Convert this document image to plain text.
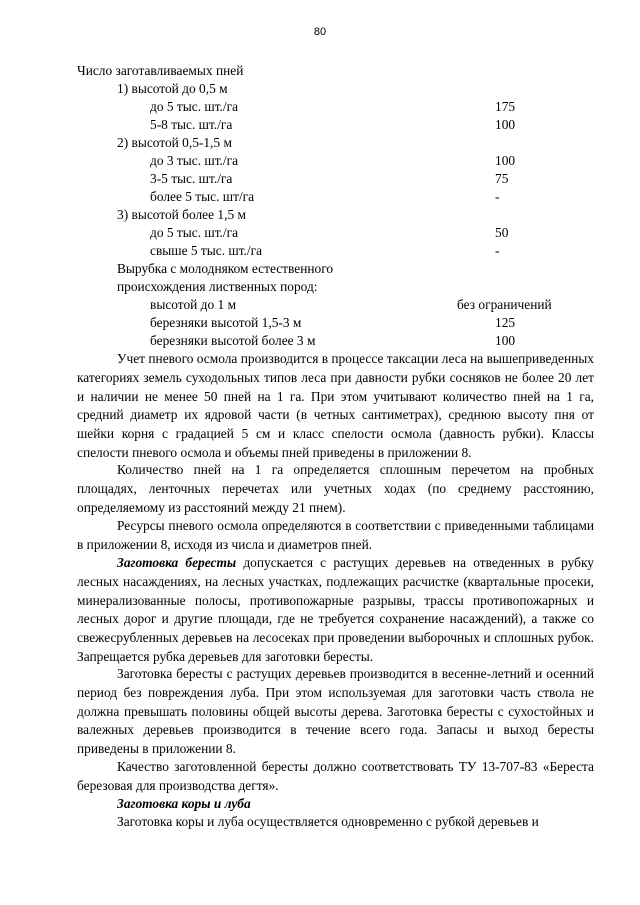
80
Число заготавливаемых пней
1) высотой до 0,5 м
до 5 тыс. шт./га	175
5-8 тыс. шт./га	100
2) высотой 0,5-1,5 м
до 3 тыс. шт./га	100
3-5 тыс. шт./га	75
более 5 тыс. шт/га	-
3) высотой более 1,5 м
до 5 тыс. шт./га	50
свыше 5 тыс. шт./га	-
Вырубка с молодняком естественного
происхождения лиственных пород:
высотой до 1 м	без ограничений
березняки высотой 1,5-3 м	125
березняки высотой более 3 м	100

Учет пневого осмола производится в процессе таксации леса на вышеприведенных категориях земель суходольных типов леса при давности рубки сосняков не более 20 лет и наличии не менее 50 пней на 1 га. При этом учитывают количество пней на 1 га, средний диаметр их ядровой части (в четных сантиметрах), среднюю высоту пня от шейки корня с градацией 5 см и класс спелости осмола (давность рубки). Классы спелости пневого осмола и объемы пней приведены в приложении 8.

Количество пней на 1 га определяется сплошным перечетом на пробных площадях, ленточных перечетах или учетных ходах (по среднему расстоянию, определяемому из расстояний между 21 пнем).

Ресурсы пневого осмола определяются в соответствии с приведенными таблицами в приложении 8, исходя из числа и диаметров пней.

Заготовка бересты допускается с растущих деревьев на отведенных в рубку лесных насаждениях, на лесных участках, подлежащих расчистке (квартальные просеки, минерализованные полосы, противопожарные разрывы, трассы противопожарных и лесных дорог и другие площади, где не требуется сохранение насаждений), а также со свежесрубленных деревьев на лесосеках при проведении выборочных и сплошных рубок. Запрещается рубка деревьев для заготовки бересты.

Заготовка бересты с растущих деревьев производится в весенне-летний и осенний период без повреждения луба. При этом используемая для заготовки часть ствола не должна превышать половины общей высоты дерева. Заготовка бересты с сухостойных и валежных деревьев производится в течение всего года. Запасы и выход бересты приведены в приложении 8.

Качество заготовленной бересты должно соответствовать ТУ 13-707-83 «Береста березовая для производства дегтя».

Заготовка коры и луба

Заготовка коры и луба осуществляется одновременно с рубкой деревьев и
